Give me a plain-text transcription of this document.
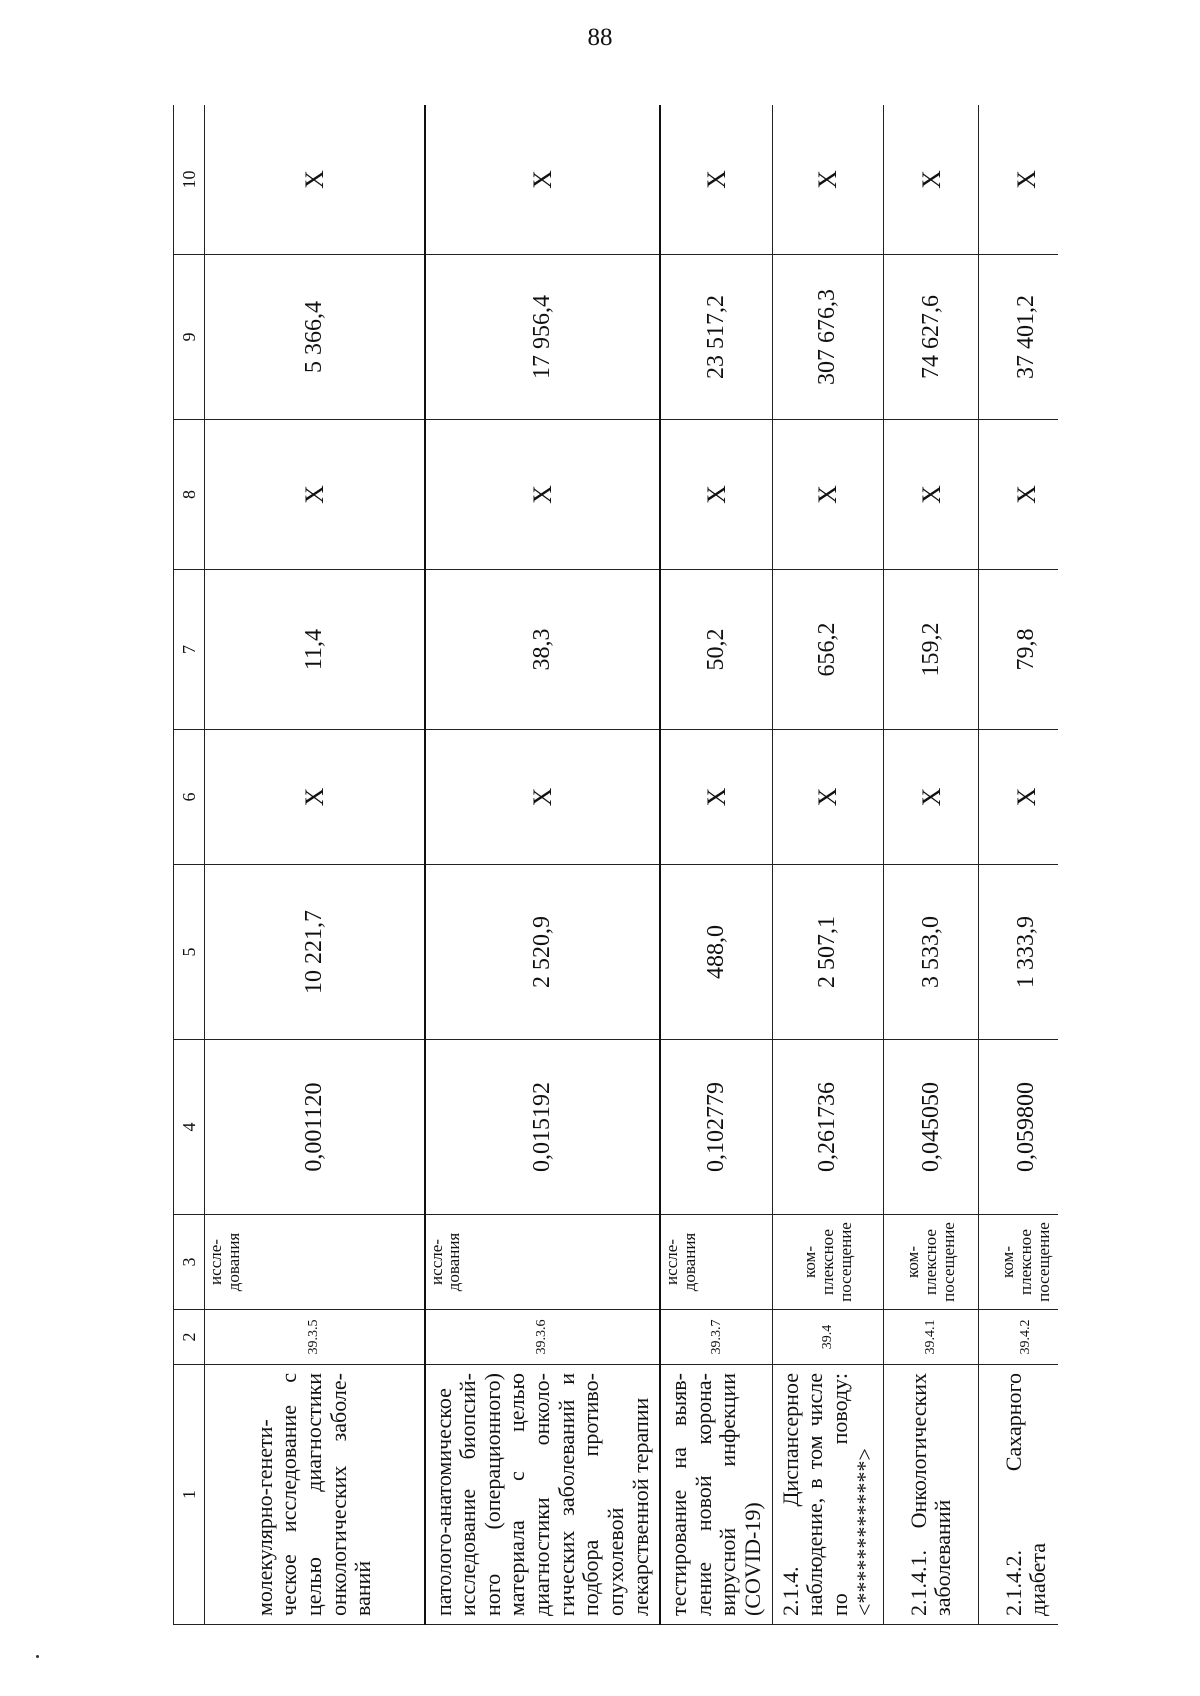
88
1	2	3	4	5	6	7	8	9	10
молекулярно-генетическое исследование с целью диагностики онкологических заболеваний	39.3.5	исследования	0,001120	10 221,7	X	11,4	X	5 366,4	X
патолого-анатомическое исследование биопсийного (операционного) материала с целью диагностики онкологических заболеваний и подбора противоопухолевой лекарственной терапии	39.3.6	исследования	0,015192	2 520,9	X	38,3	X	17 956,4	X
тестирование на выявление новой коронавирусной инфекции (COVID-19)	39.3.7	исследования	0,102779	488,0	X	50,2	X	23 517,2	X
2.1.4. Диспансерное наблюдение, в том числе по поводу: <*************>	39.4	комплексное посещение	0,261736	2 507,1	X	656,2	X	307 676,3	X
2.1.4.1. Онкологических заболеваний	39.4.1	комплексное посещение	0,045050	3 533,0	X	159,2	X	74 627,6	X
2.1.4.2. Сахарного диабета	39.4.2	комплексное посещение	0,059800	1 333,9	X	79,8	X	37 401,2	X
